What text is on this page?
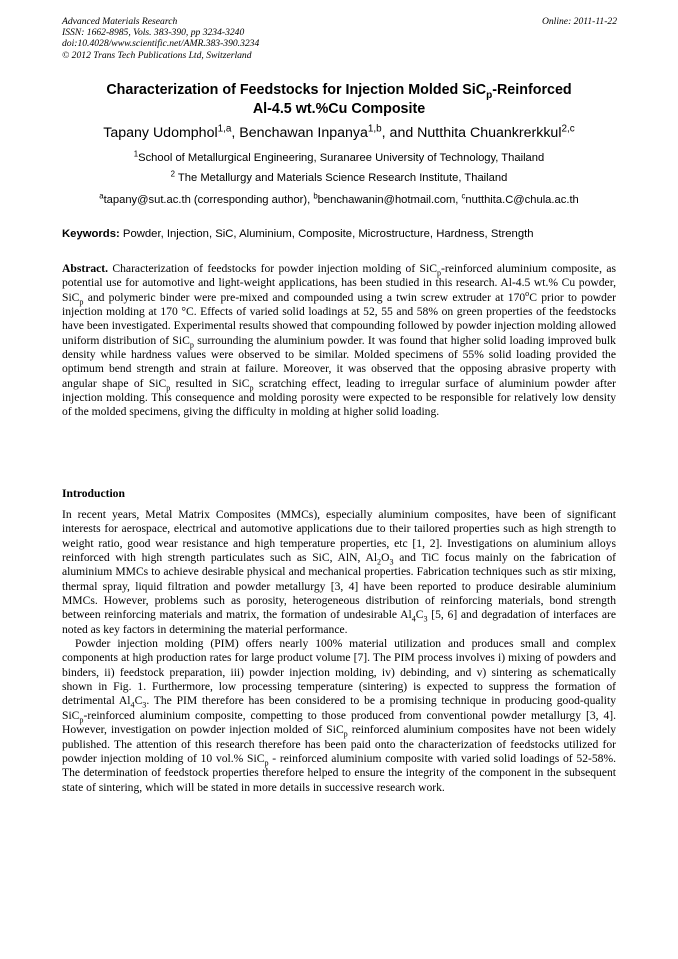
Advanced Materials Research
ISSN: 1662-8985, Vols. 383-390, pp 3234-3240
doi:10.4028/www.scientific.net/AMR.383-390.3234
© 2012 Trans Tech Publications Ltd, Switzerland
Online: 2011-11-22
Characterization of Feedstocks for Injection Molded SiC$_p$-Reinforced
Al-4.5 wt.%Cu Composite
Tapany Udomphol$^{1,a}$, Benchawan Inpanya$^{1,b}$, and Nutthita Chuankrerkkul$^{2,c}$
$^1$School of Metallurgical Engineering, Suranaree University of Technology, Thailand
$^2$ The Metallurgy and Materials Science Research Institute, Thailand
$^a$tapany@sut.ac.th (corresponding author), $^b$benchawanin@hotmail.com, $^c$nutthita.C@chula.ac.th
Keywords: Powder, Injection, SiC, Aluminium, Composite, Microstructure, Hardness, Strength
Abstract. Characterization of feedstocks for powder injection molding of SiC$_p$-reinforced aluminium composite, as potential use for automotive and light-weight applications, has been studied in this research. Al-4.5 wt.% Cu powder, SiC$_p$ and polymeric binder were pre-mixed and compounded using a twin screw extruder at 170$^o$C prior to powder injection molding at 170 °C. Effects of varied solid loadings at 52, 55 and 58% on green properties of the feedstocks have been investigated. Experimental results showed that compounding followed by powder injection molding allowed uniform distribution of SiC$_p$ surrounding the aluminium powder. It was found that higher solid loading improved bulk density while hardness values were observed to be similar. Molded specimens of 55% solid loading provided the optimum bend strength and strain at failure. Moreover, it was observed that the opposing abrasive property with angular shape of SiC$_p$ resulted in SiC$_p$ scratching effect, leading to irregular surface of aluminium powder after injection molding. This consequence and molding porosity were expected to be responsible for relatively low density of the molded specimens, giving the difficulty in molding at higher solid loading.
Introduction

In recent years, Metal Matrix Composites (MMCs), especially aluminium composites, have been of significant interests for aerospace, electrical and automotive applications due to their tailored properties such as high strength to weight ratio, good wear resistance and high temperature properties, etc [1, 2]. Investigations on aluminium alloys reinforced with high strength particulates such as SiC, AlN, $Al_2O_3$ and TiC focus mainly on the fabrication of aluminium MMCs to achieve desirable physical and mechanical properties. Fabrication techniques such as stir mixing, thermal spray, liquid filtration and powder metallurgy [3, 4] have been reported to produce desirable aluminium MMCs. However, problems such as porosity, heterogeneous distribution of reinforcing materials, bond strength between reinforcing materials and matrix, the formation of undesirable $Al_4C_3$ [5, 6] and degradation of interfaces are noted as key factors in determining the material performance.

Powder injection molding (PIM) offers nearly 100% material utilization and produces small and complex components at high production rates for large product volume [7]. The PIM process involves i) mixing of powders and binders, ii) feedstock preparation, iii) powder injection molding, iv) debinding, and v) sintering as schematically shown in Fig. 1. Furthermore, low processing temperature (sintering) is expected to suppress the formation of detrimental $Al_4C_3$. The PIM therefore has been considered to be a promising technique in producing good-quality SiC$_p$-reinforced aluminium composite, competting to those produced from conventional powder metallurgy [3, 4]. However, investigation on powder injection molded of SiC$_p$ reinforced aluminium composites have not been widely published. The attention of this research therefore has been paid onto the characterization of feedstocks utilized for powder injection molding of 10 vol.% SiC$_p$ - reinforced aluminium composite with varied solid loadings of 52-58%. The determination of feedstock properties therefore helped to ensure the integrity of the component in the subsequent state of sintering, which will be stated in more details in successive research work.
